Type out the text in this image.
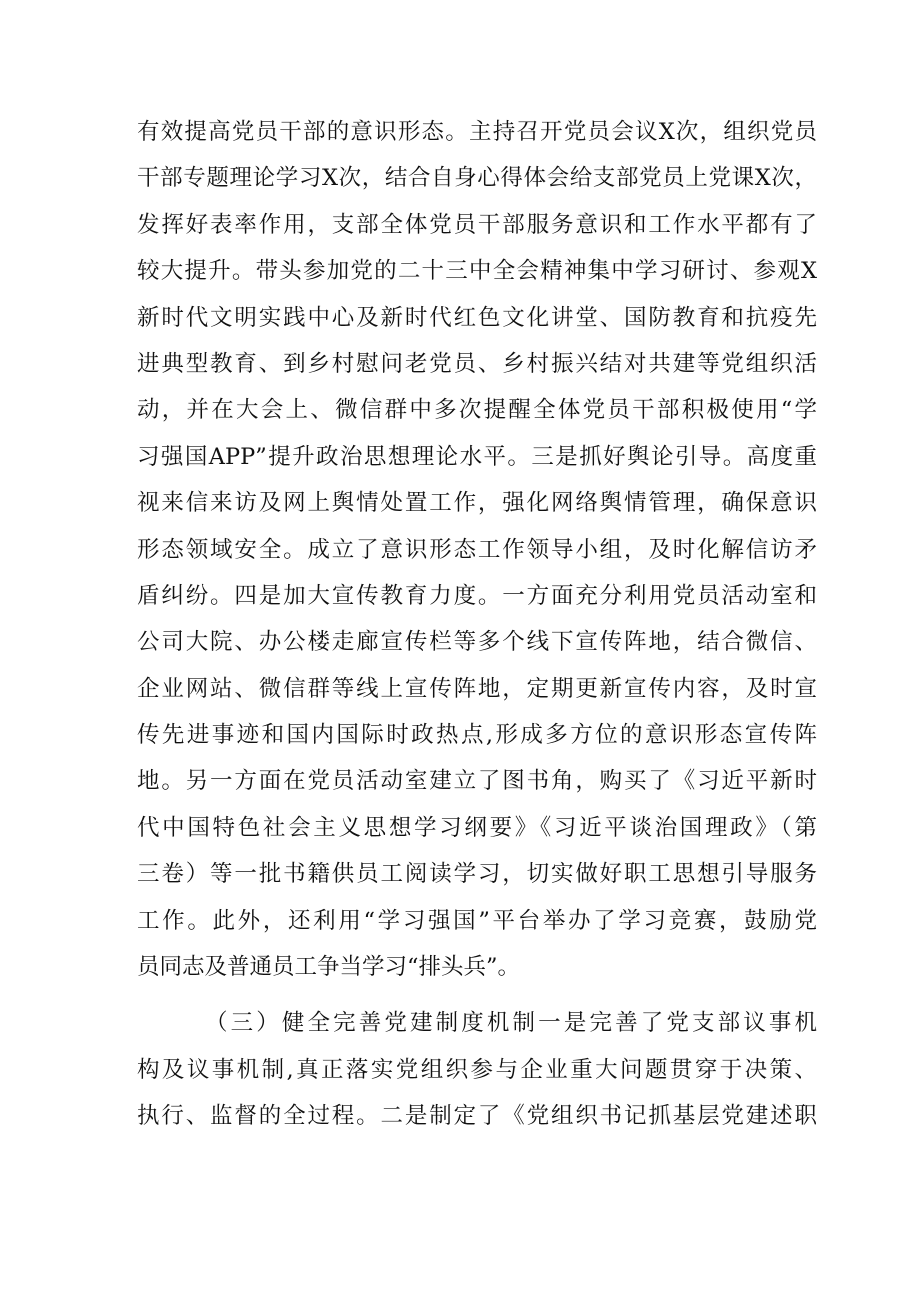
有效提高党员干部的意识形态。主持召开党员会议X次，组织党员
干部专题理论学习X次，结合自身心得体会给支部党员上党课X次，
发挥好表率作用，支部全体党员干部服务意识和工作水平都有了
较大提升。带头参加党的二十三中全会精神集中学习研讨、参观X
新时代文明实践中心及新时代红色文化讲堂、国防教育和抗疫先
进典型教育、到乡村慰问老党员、乡村振兴结对共建等党组织活
动，并在大会上、微信群中多次提醒全体党员干部积极使用“学
习强国APP”提升政治思想理论水平。三是抓好舆论引导。高度重
视来信来访及网上舆情处置工作，强化网络舆情管理，确保意识
形态领域安全。成立了意识形态工作领导小组，及时化解信访矛
盾纠纷。四是加大宣传教育力度。一方面充分利用党员活动室和
公司大院、办公楼走廊宣传栏等多个线下宣传阵地，结合微信、
企业网站、微信群等线上宣传阵地，定期更新宣传内容，及时宣
传先进事迹和国内国际时政热点,形成多方位的意识形态宣传阵
地。另一方面在党员活动室建立了图书角，购买了《习近平新时
代中国特色社会主义思想学习纲要》《习近平谈治国理政》（第
三卷）等一批书籍供员工阅读学习，切实做好职工思想引导服务
工作。此外，还利用“学习强国”平台举办了学习竞赛，鼓励党
员同志及普通员工争当学习“排头兵”。
（三）健全完善党建制度机制一是完善了党支部议事机
构及议事机制,真正落实党组织参与企业重大问题贯穿于决策、
执行、监督的全过程。二是制定了《党组织书记抓基层党建述职
